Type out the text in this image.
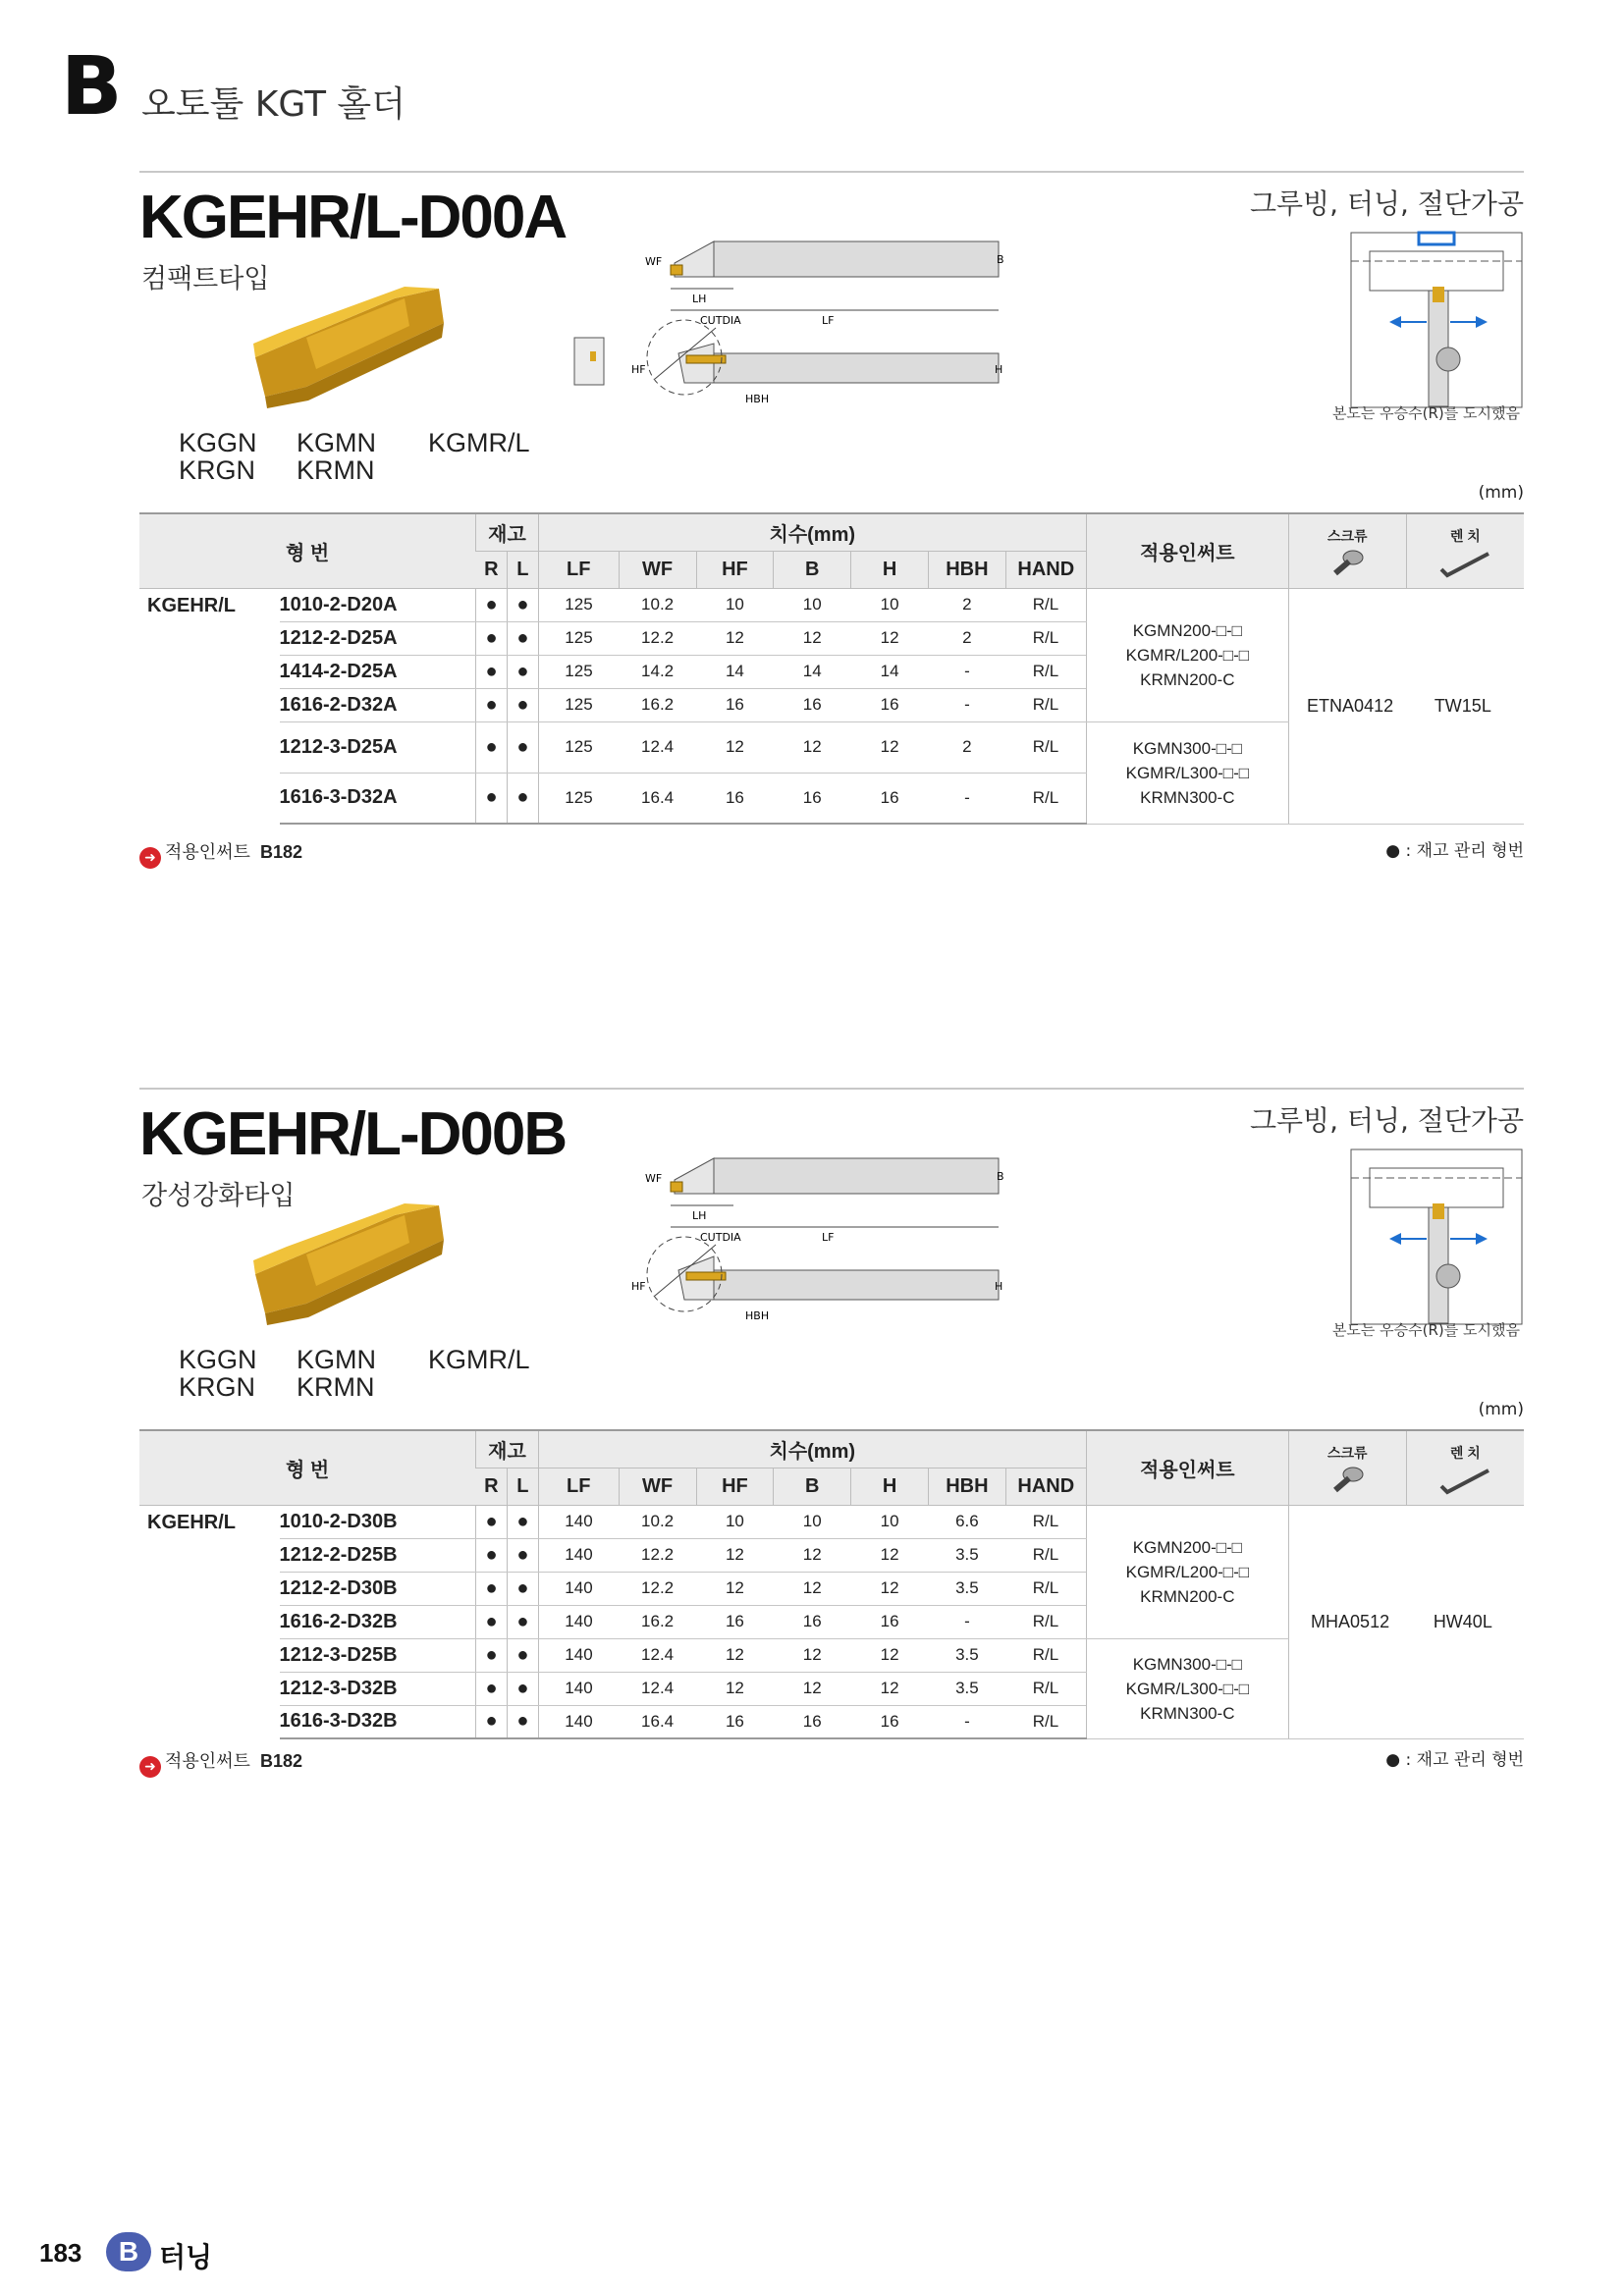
B 오토툴 KGT 홀더
KGEHR/L-D00A
컴팩트타입
그루빙, 터닝, 절단가공
KGGN KGMN KGMR/L
KRGN KRMN
LH
LF
WF	B
CUTDIA
HF	H
HBH
본도는 우승수(R)를 도시했음
(mm)
형 번		재고		치수(mm)							적용인써트	스크류	렌 치

		R	L	LF	WF	HF	B	H	HBH	HAND			
KGEHR/L	1010-2-D20A	●	●	125	10.2	10	10	10	2	R/L	KGMN200-□-□
KGMR/L200-□-□
KRMN200-C	ETNA0412 TW15L	
	1212-2-D25A	●	●	125	12.2	12	12	12	2	R/L			
	1414-2-D25A	●	●	125	14.2	14	14	14	-	R/L			
	1616-2-D32A	●	●	125	16.2	16	16	16	-	R/L			
	1212-3-D25A	●	●	125	12.4	12	12	12	2	R/L	KGMN300-□-□
KGMR/L300-□-□
KRMN300-C		

	1616-3-D32A	●	●	125	16.4	16	16	16	-	R/L			
➜ 적용인써트 B182	● : 재고 관리 형번
KGEHR/L-D00B
강성강화타입
그루빙, 터닝, 절단가공
KGGN KGMN KGMR/L
KRGN KRMN
LH
LF
WF	B
CUTDIA
HF	H
HBH
본도는 우승수(R)를 도시했음
(mm)
형 번		재고		치수(mm)							적용인써트	스크류	렌 치

		R	L	LF	WF	HF	B	H	HBH	HAND			
KGEHR/L	1010-2-D30B	●	●	140	10.2	10	10	10	6.6	R/L	KGMN200-□-□
KGMR/L200-□-□
KRMN200-C	MHA0512 HW40L	
	1212-2-D25B	●	●	140	12.2	12	12	12	3.5	R/L			
	1212-2-D30B	●	●	140	12.2	12	12	12	3.5	R/L			
	1616-2-D32B	●	●	140	16.2	16	16	16	-	R/L			
	1212-3-D25B	●	●	140	12.4	12	12	12	3.5	R/L	KGMN300-□-□
KGMR/L300-□-□
KRMN300-C		

	1212-3-D32B	●	●	140	12.4	12	12	12	3.5	R/L			
	1616-3-D32B	●	●	140	16.4	16	16	16	-	R/L			
➜ 적용인써트 B182	● : 재고 관리 형번
183	B 터닝
